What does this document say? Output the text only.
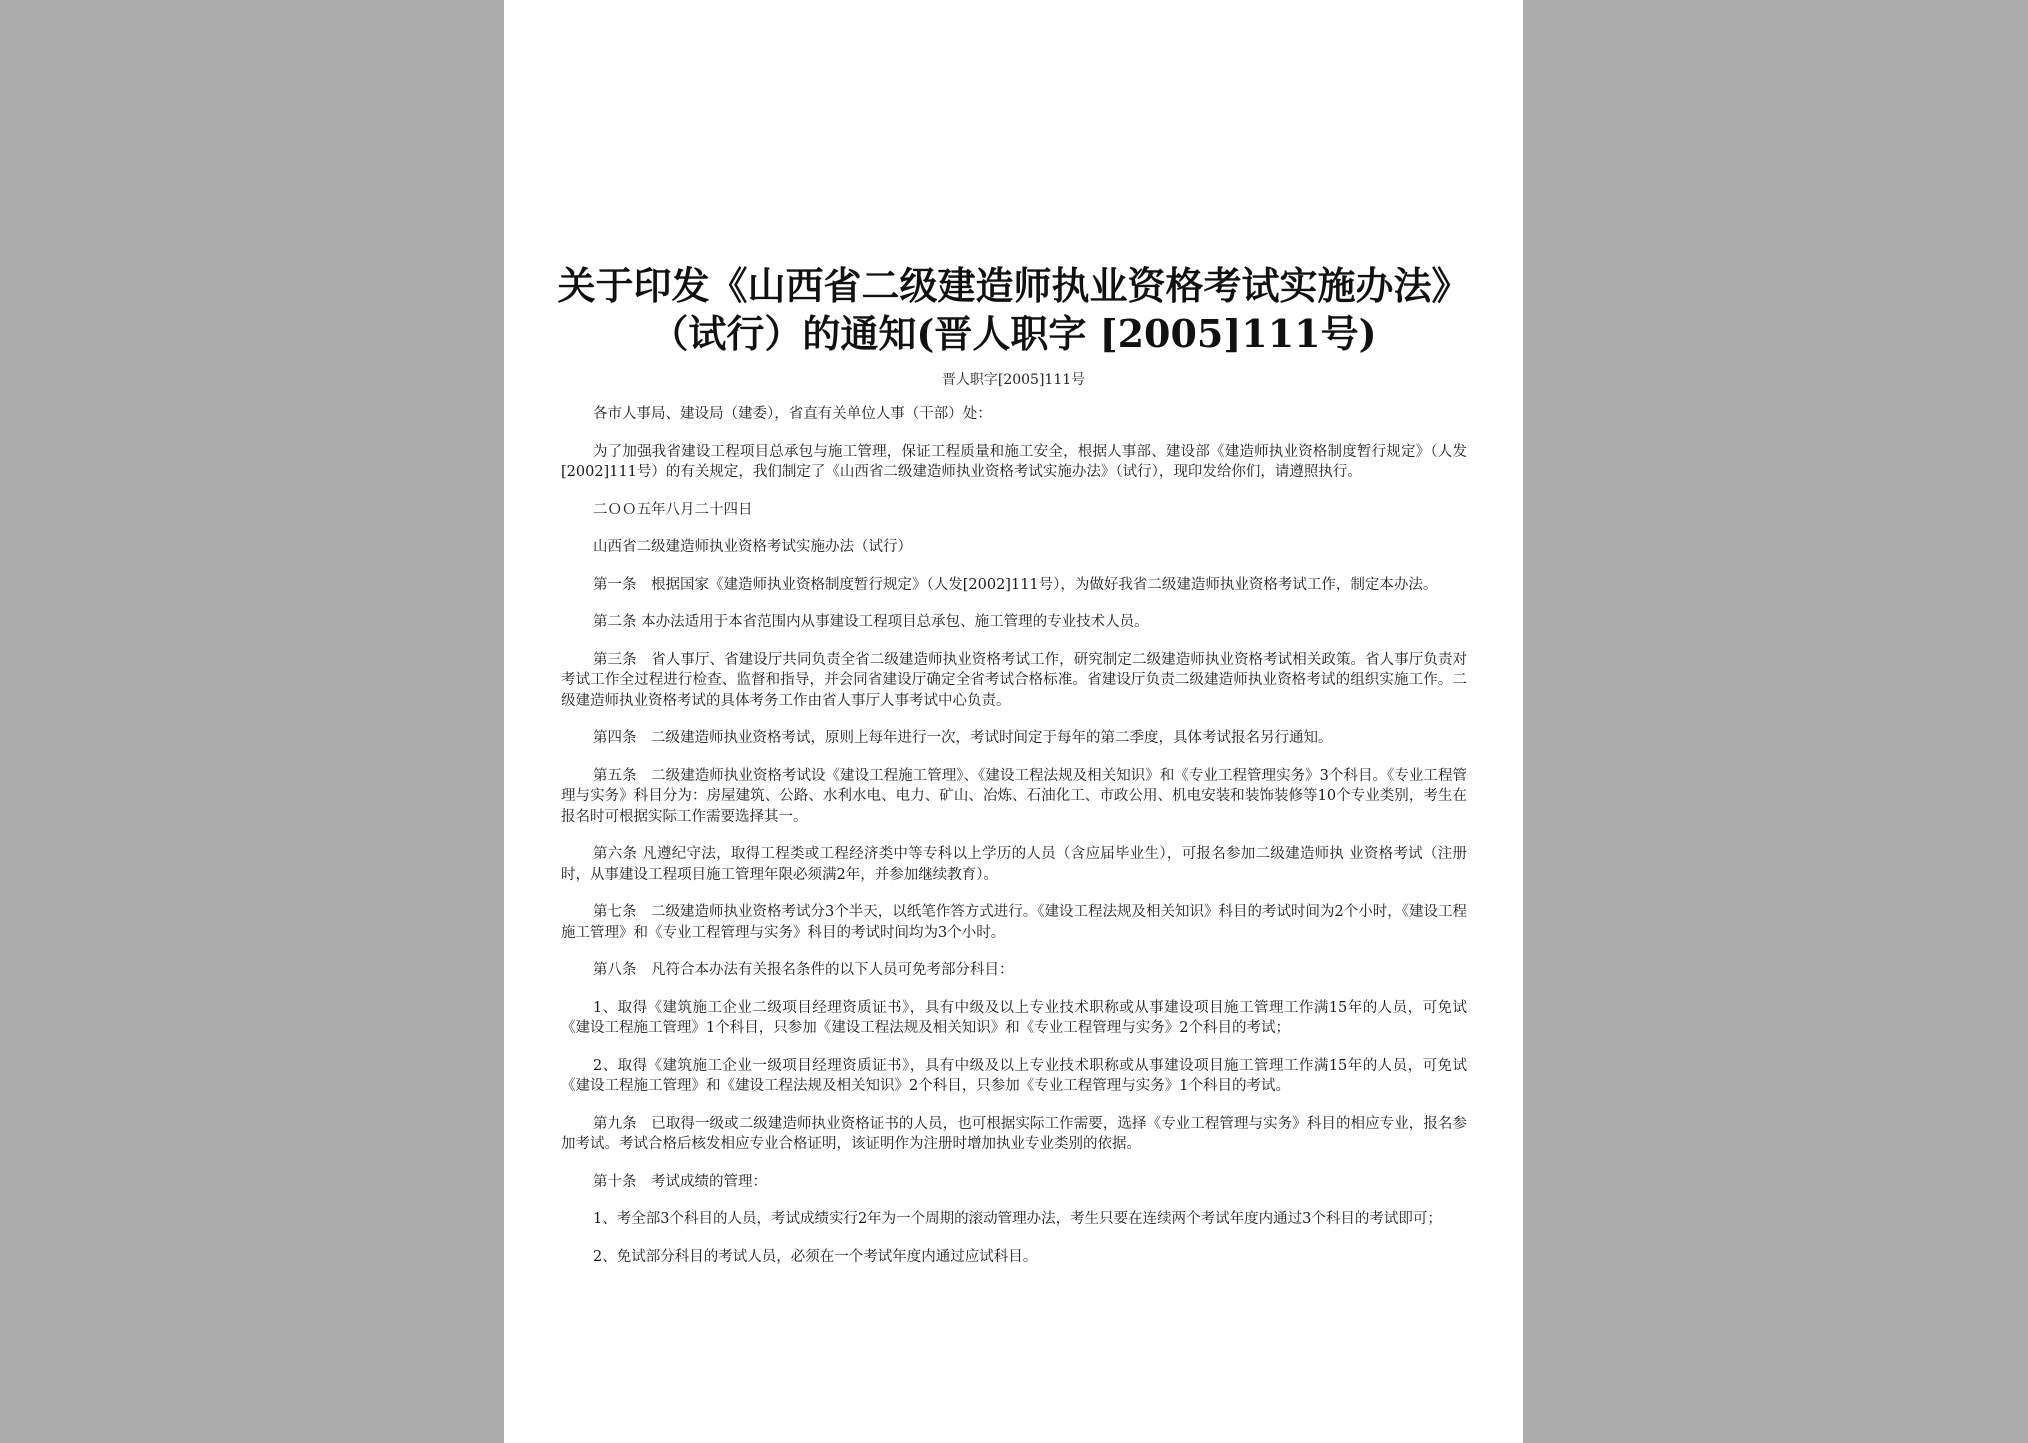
关于印发《山西省二级建造师执业资格考试实施办法》
（试行）的通知(晋人职字 [2005]111号)
晋人职字[2005]111号

各市人事局、建设局（建委），省直有关单位人事（干部）处：

为了加强我省建设工程项目总承包与施工管理，保证工程质量和施工安全，根据人事部、建设部《建造师执业资格制度暂行规定》（人发[2002]111号）的有关规定，我们制定了《山西省二级建造师执业资格考试实施办法》（试行），现印发给你们，请遵照执行。

二ＯＯ五年八月二十四日

山西省二级建造师执业资格考试实施办法（试行）

第一条　根据国家《建造师执业资格制度暂行规定》（人发[2002]111号），为做好我省二级建造师执业资格考试工作，制定本办法。

第二条 本办法适用于本省范围内从事建设工程项目总承包、施工管理的专业技术人员。

第三条　省人事厅、省建设厅共同负责全省二级建造师执业资格考试工作，研究制定二级建造师执业资格考试相关政策。省人事厅负责对考试工作全过程进行检查、监督和指导，并会同省建设厅确定全省考试合格标准。省建设厅负责二级建造师执业资格考试的组织实施工作。二级建造师执业资格考试的具体考务工作由省人事厅人事考试中心负责。

第四条　二级建造师执业资格考试，原则上每年进行一次，考试时间定于每年的第二季度，具体考试报名另行通知。

第五条　二级建造师执业资格考试设《建设工程施工管理》、《建设工程法规及相关知识》和《专业工程管理实务》3个科目。《专业工程管理与实务》科目分为：房屋建筑、公路、水利水电、电力、矿山、冶炼、石油化工、市政公用、机电安装和装饰装修等10个专业类别，考生在报名时可根据实际工作需要选择其一。

第六条 凡遵纪守法，取得工程类或工程经济类中等专科以上学历的人员（含应届毕业生），可报名参加二级建造师执 业资格考试（注册时，从事建设工程项目施工管理年限必须满2年，并参加继续教育）。

第七条　二级建造师执业资格考试分3个半天，以纸笔作答方式进行。《建设工程法规及相关知识》科目的考试时间为2个小时，《建设工程施工管理》和《专业工程管理与实务》科目的考试时间均为3个小时。

第八条　凡符合本办法有关报名条件的以下人员可免考部分科目：

1、取得《建筑施工企业二级项目经理资质证书》，具有中级及以上专业技术职称或从事建设项目施工管理工作满15年的人员，可免试《建设工程施工管理》1个科目，只参加《建设工程法规及相关知识》和《专业工程管理与实务》2个科目的考试；

2、取得《建筑施工企业一级项目经理资质证书》，具有中级及以上专业技术职称或从事建设项目施工管理工作满15年的人员，可免试《建设工程施工管理》和《建设工程法规及相关知识》2个科目，只参加《专业工程管理与实务》1个科目的考试。

第九条　已取得一级或二级建造师执业资格证书的人员，也可根据实际工作需要，选择《专业工程管理与实务》科目的相应专业，报名参加考试。考试合格后核发相应专业合格证明，该证明作为注册时增加执业专业类别的依据。

第十条　考试成绩的管理：

1、考全部3个科目的人员，考试成绩实行2年为一个周期的滚动管理办法，考生只要在连续两个考试年度内通过3个科目的考试即可；

2、免试部分科目的考试人员，必须在一个考试年度内通过应试科目。
